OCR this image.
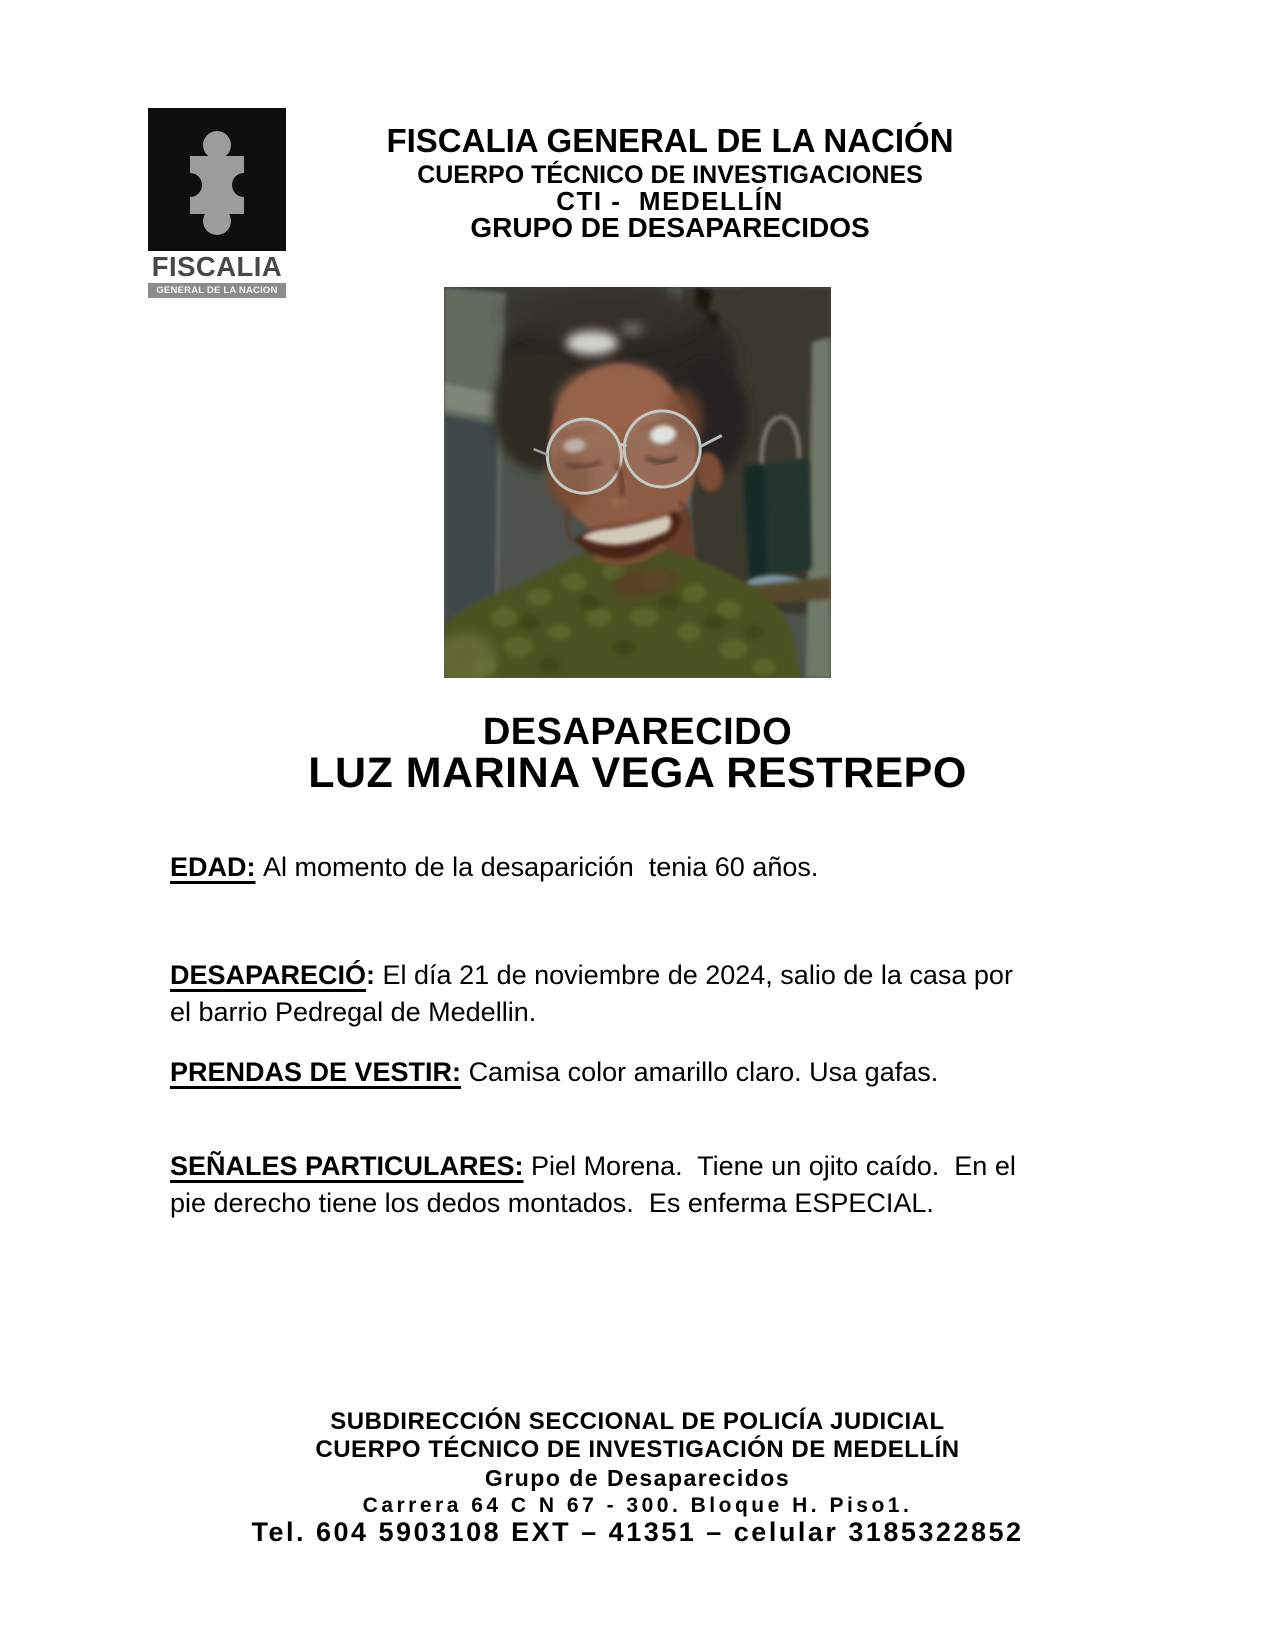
FISCALIA
GENERAL DE LA NACION
FISCALIA GENERAL DE LA NACIÓN
CUERPO TÉCNICO DE INVESTIGACIONES
CTI -  MEDELLÍN
GRUPO DE DESAPARECIDOS
DESAPARECIDO
LUZ MARINA VEGA RESTREPO

EDAD: Al momento de la desaparición  tenia 60 años.

DESAPARECIÓ: El día 21 de noviembre de 2024, salio de la casa por
el barrio Pedregal de Medellin.

PRENDAS DE VESTIR: Camisa color amarillo claro. Usa gafas.

SEÑALES PARTICULARES: Piel Morena.  Tiene un ojito caído.  En el
pie derecho tiene los dedos montados.  Es enferma ESPECIAL.

SUBDIRECCIÓN SECCIONAL DE POLICÍA JUDICIAL
CUERPO TÉCNICO DE INVESTIGACIÓN DE MEDELLÍN
Grupo de Desaparecidos
Carrera 64 C N 67 - 300. Bloque H. Piso1.
Tel. 604 5903108 EXT – 41351 – celular 3185322852
